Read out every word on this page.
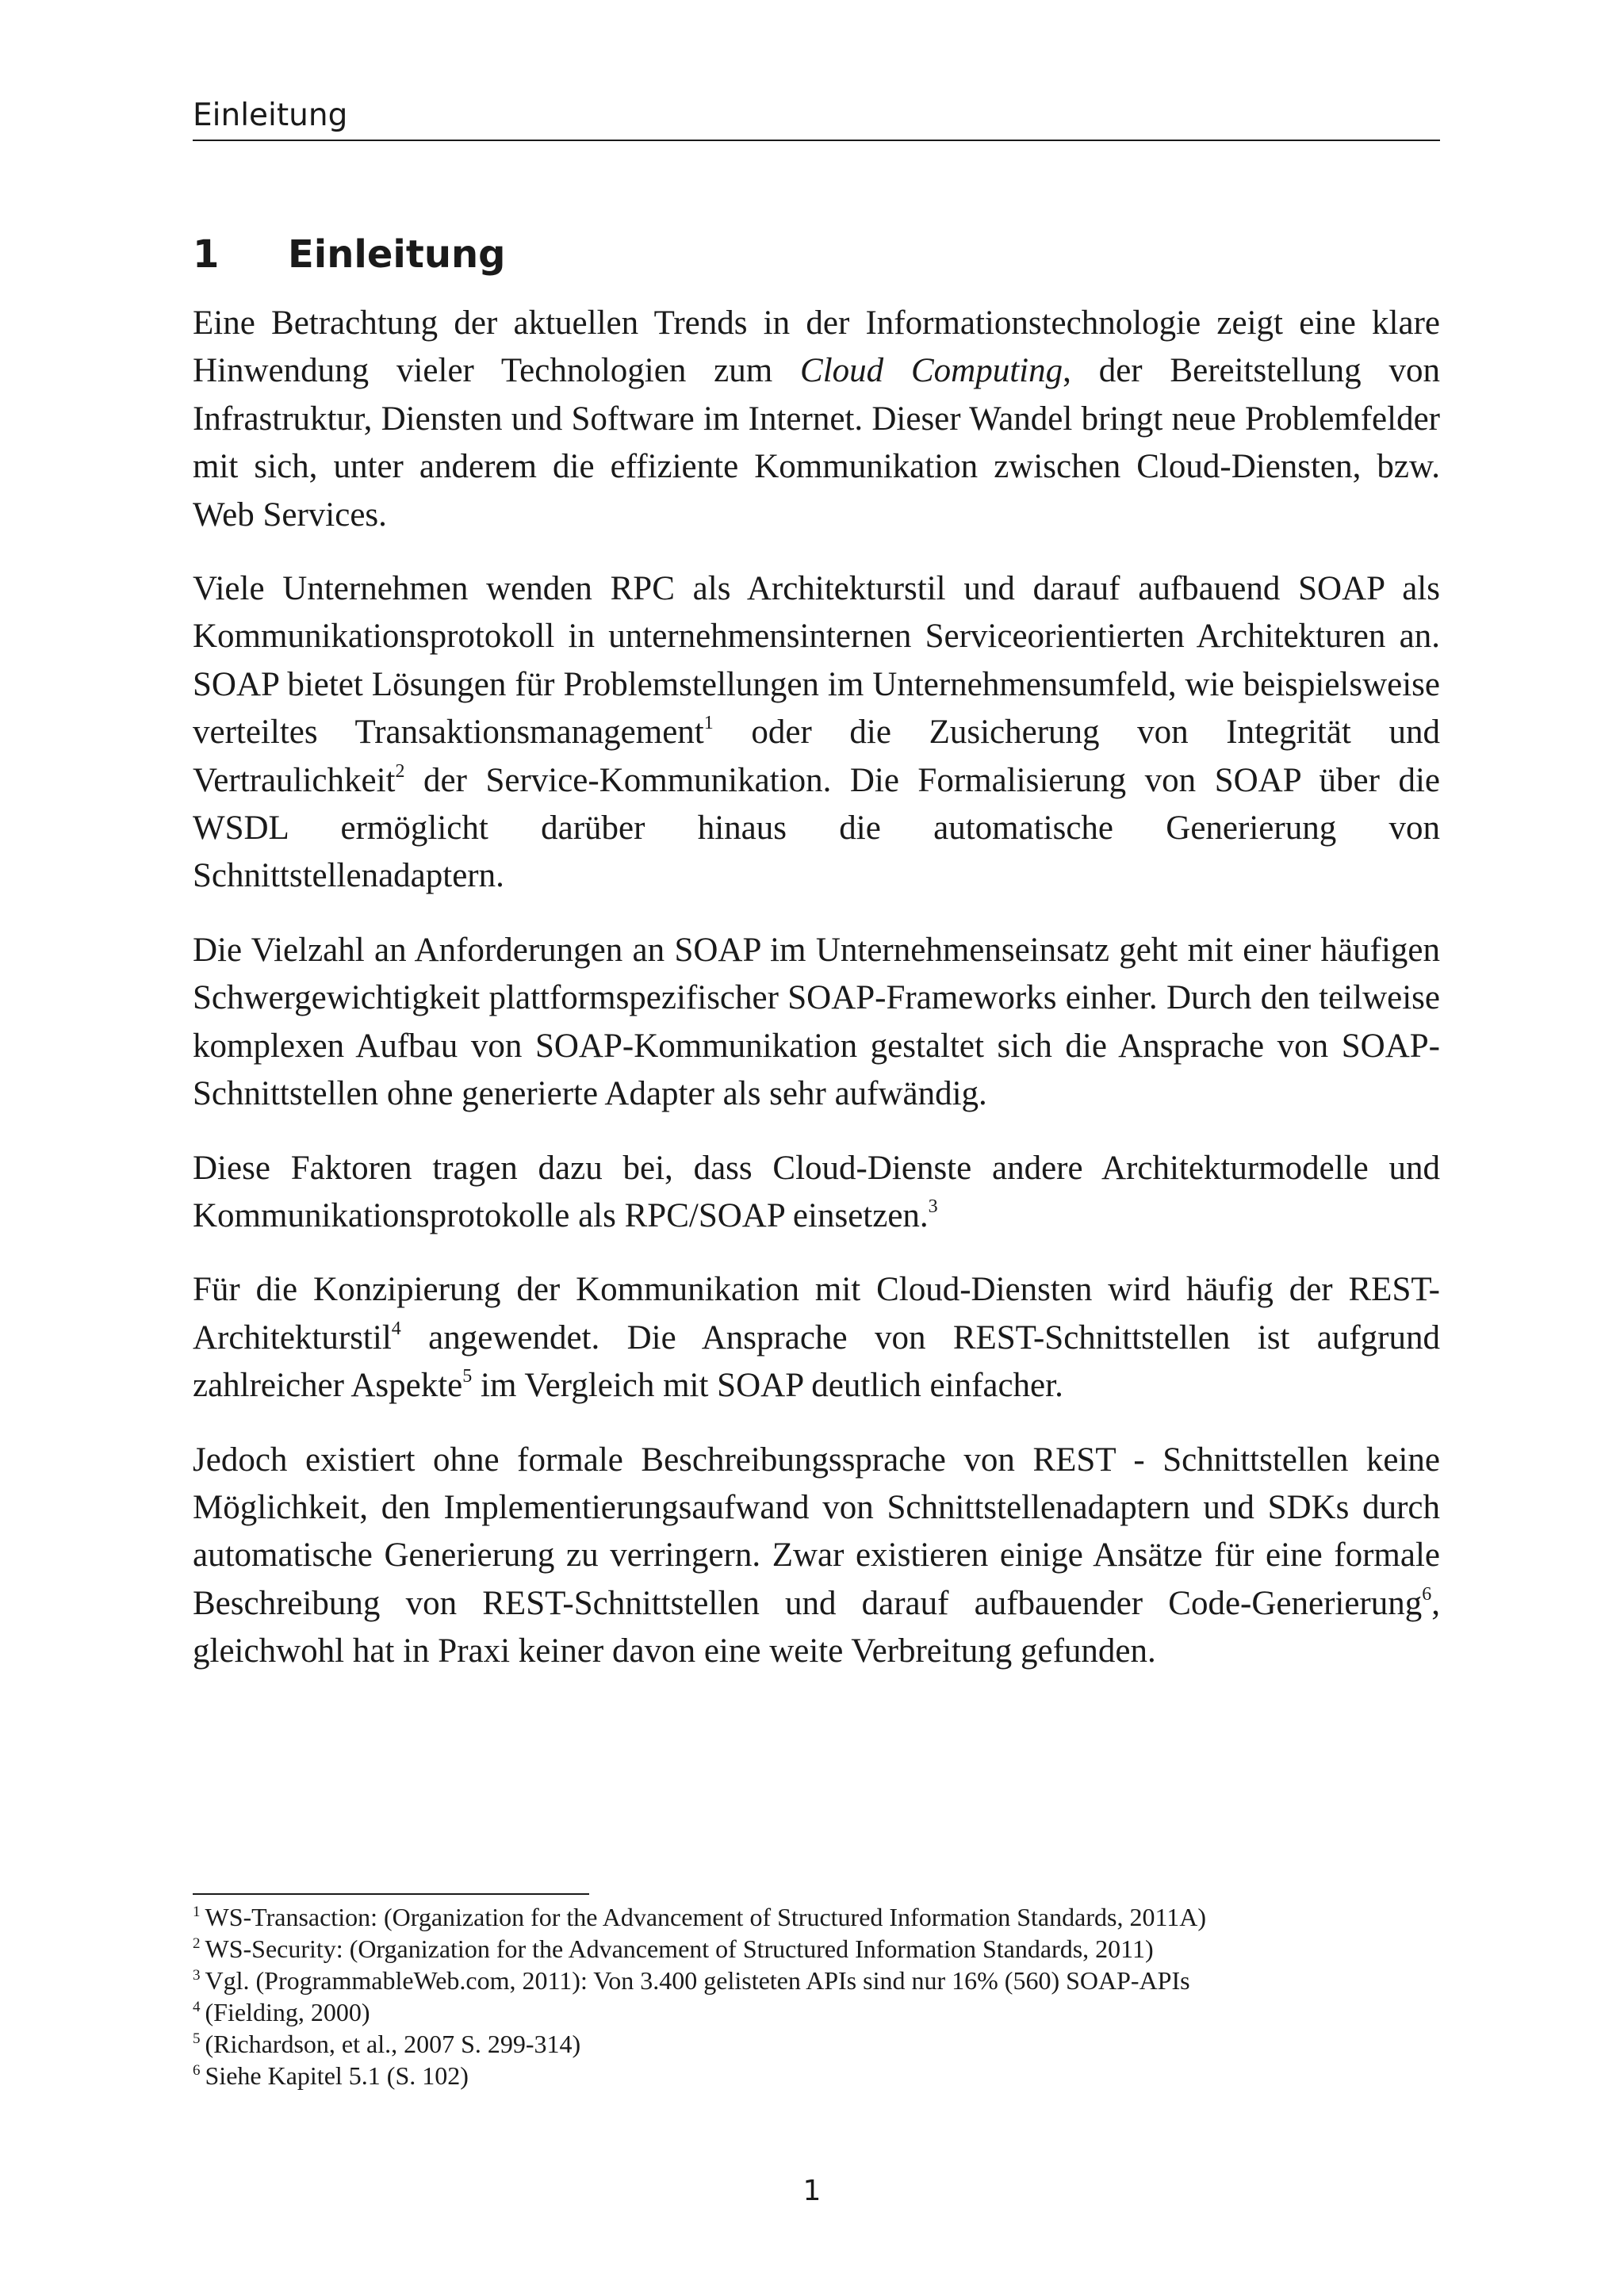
Einleitung
1 Einleitung

Eine Betrachtung der aktuellen Trends in der Informationstechnologie zeigt eine klare Hinwendung vieler Technologien zum Cloud Computing, der Bereitstellung von Infrastruktur, Diensten und Software im Internet. Dieser Wandel bringt neue Problemfelder mit sich, unter anderem die effiziente Kommunikation zwischen Cloud-Diensten, bzw. Web Services.

Viele Unternehmen wenden RPC als Architekturstil und darauf aufbauend SOAP als Kommunikationsprotokoll in unternehmensinternen Serviceorientierten Architekturen an. SOAP bietet Lösungen für Problemstellungen im Unternehmensumfeld, wie beispielsweise verteiltes Transaktionsmanagement$^1$ oder die Zusicherung von Integrität und Vertraulichkeit$^2$ der Service-Kommunikation. Die Formalisierung von SOAP über die WSDL ermöglicht darüber hinaus die automatische Generierung von Schnittstellenadaptern.

Die Vielzahl an Anforderungen an SOAP im Unternehmenseinsatz geht mit einer häufigen Schwergewichtigkeit plattformspezifischer SOAP-Frameworks einher. Durch den teilweise komplexen Aufbau von SOAP-Kommunikation gestaltet sich die Ansprache von SOAP-Schnittstellen ohne generierte Adapter als sehr aufwändig.

Diese Faktoren tragen dazu bei, dass Cloud-Dienste andere Architekturmodelle und Kommunikationsprotokolle als RPC/SOAP einsetzen.$^3$

Für die Konzipierung der Kommunikation mit Cloud-Diensten wird häufig der REST-Architekturstil$^4$ angewendet. Die Ansprache von REST-Schnittstellen ist aufgrund zahlreicher Aspekte$^5$ im Vergleich mit SOAP deutlich einfacher.

Jedoch existiert ohne formale Beschreibungssprache von REST - Schnittstellen keine Möglichkeit, den Implementierungsaufwand von Schnittstellenadaptern und SDKs durch automatische Generierung zu verringern. Zwar existieren einige Ansätze für eine formale Beschreibung von REST-Schnittstellen und darauf aufbauender Code-Generierung$^6$, gleichwohl hat in Praxi keiner davon eine weite Verbreitung gefunden.

$^1$ WS-Transaction: (Organization for the Advancement of Structured Information Standards, 2011A)

$^2$ WS-Security: (Organization for the Advancement of Structured Information Standards, 2011)

$^3$ Vgl. (ProgrammableWeb.com, 2011): Von 3.400 gelisteten APIs sind nur 16% (560) SOAP-APIs

$^4$ (Fielding, 2000)

$^5$ (Richardson, et al., 2007 S. 299-314)

$^6$ Siehe Kapitel 5.1 (S. 102)

1
